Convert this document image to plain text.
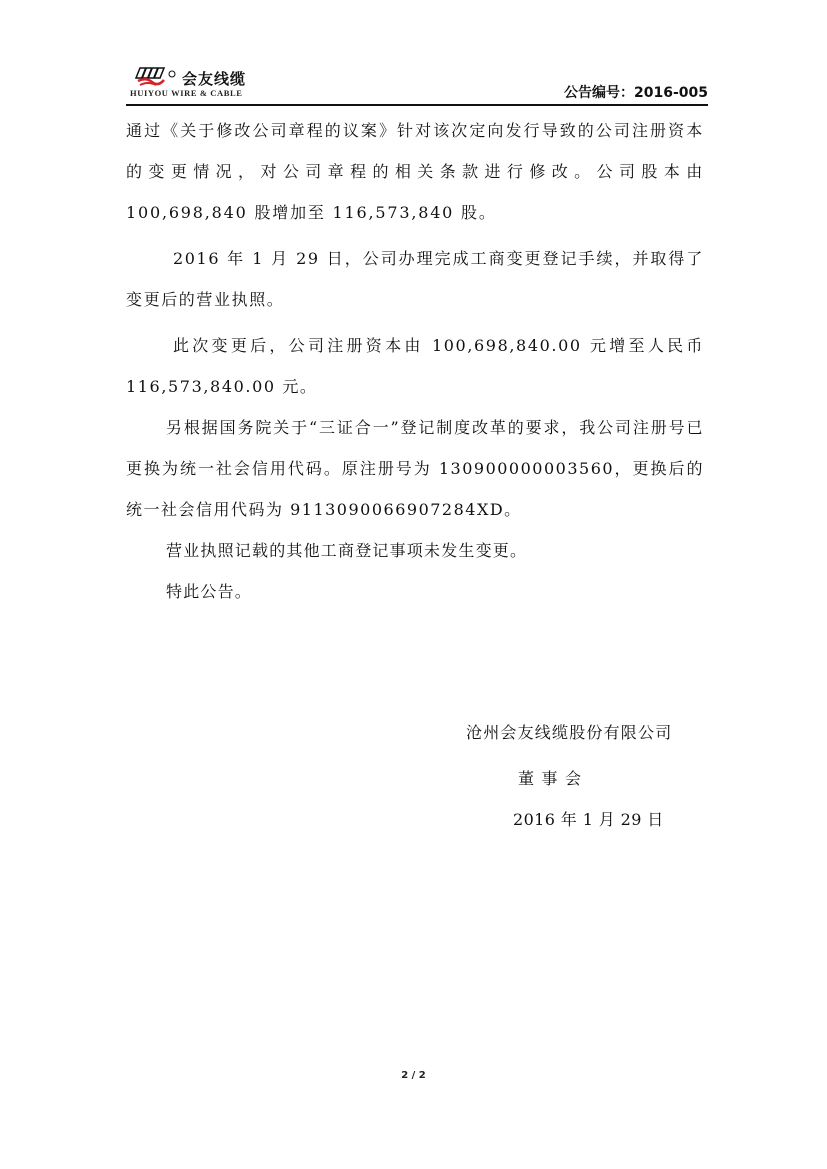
会友线缆
HUIYOU WIRE & CABLE	公告编号：2016-005

通过《关于修改公司章程的议案》针对该次定向发行导致的公司注册资本的变更情况，对公司章程的相关条款进行修改。公司股本由100,698,840 股增加至 116,573,840 股。

2016 年 1 月 29 日，公司办理完成工商变更登记手续，并取得了变更后的营业执照。

此次变更后，公司注册资本由 100,698,840.00 元增至人民币116,573,840.00 元。

另根据国务院关于“三证合一”登记制度改革的要求，我公司注册号已更换为统一社会信用代码。原注册号为 130900000003560，更换后的统一社会信用代码为 9113090066907284XD。

营业执照记载的其他工商登记事项未发生变更。

特此公告。

沧州会友线缆股份有限公司
董 事 会
2016 年 1 月 29 日
2 / 2
